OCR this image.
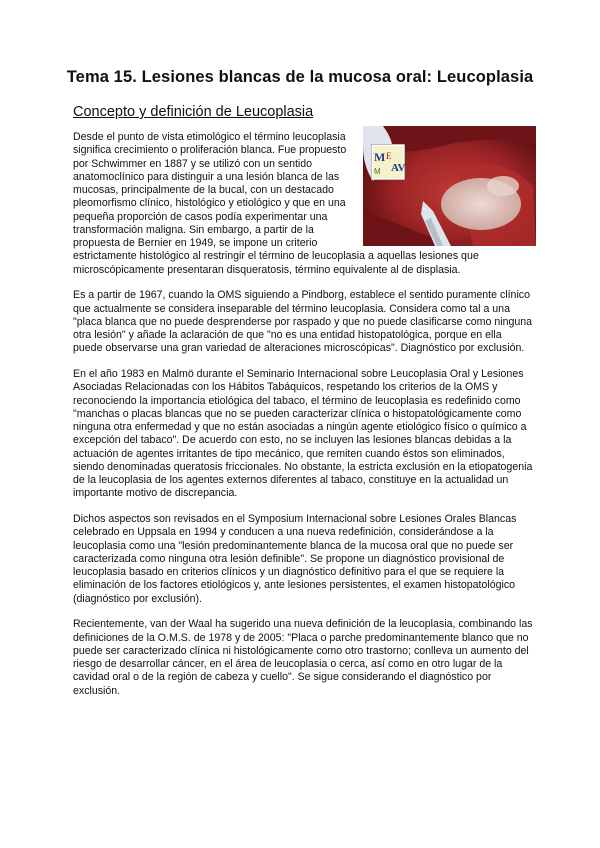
Tema 15. Lesiones blancas de la mucosa oral: Leucoplasia
Concepto y definición de Leucoplasia
M E
AV
M

Desde el punto de vista etimológico el término leucoplasia significa crecimiento o proliferación blanca. Fue propuesto por Schwimmer en 1887 y se utilizó con un sentido anatomoclínico para distinguir a una lesión blanca de las mucosas, principalmente de la bucal, con un destacado pleomorfismo clínico, histológico y etiológico y que en una pequeña proporción de casos podía experimentar una transformación maligna. Sin embargo, a partir de la propuesta de Bernier en 1949, se impone un criterio estrictamente histológico al restringir el término de leucoplasia a aquellas lesiones que microscópicamente presentaran disqueratosis, término equivalente al de displasia.

Es a partir de 1967, cuando la OMS siguiendo a Pindborg, establece el sentido puramente clínico que actualmente se considera inseparable del término leucoplasia. Considera como tal a una "placa blanca que no puede desprenderse por raspado y que no puede clasificarse como ninguna otra lesión" y añade la aclaración de que "no es una entidad histopatológica, porque en ella puede observarse una gran variedad de alteraciones microscópicas". Diagnóstico por exclusión.

En el año 1983 en Malmö durante el Seminario Internacional sobre Leucoplasia Oral y Lesiones Asociadas Relacionadas con los Hábitos Tabáquicos, respetando los criterios de la OMS y reconociendo la importancia etiológica del tabaco, el término de leucoplasia es redefinido como "manchas o placas blancas que no se pueden caracterizar clínica o histopatológicamente como ninguna otra enfermedad y que no están asociadas a ningún agente etiológico físico o químico a excepción del tabaco". De acuerdo con esto, no se incluyen las lesiones blancas debidas a la actuación de agentes irritantes de tipo mecánico, que remiten cuando éstos son eliminados, siendo denominadas queratosis friccionales. No obstante, la estricta exclusión en la etiopatogenia de la leucoplasia de los agentes externos diferentes al tabaco, constituye en la actualidad un importante motivo de discrepancia.

Dichos aspectos son revisados en el Symposium Internacional sobre Lesiones Orales Blancas celebrado en Uppsala en 1994 y conducen a una nueva redefinición, considerándose a la leucoplasia como una "lesión predominantemente blanca de la mucosa oral que no puede ser caracterizada como ninguna otra lesión definible". Se propone un diagnóstico provisional de leucoplasia basado en criterios clínicos y un diagnóstico definitivo para el que se requiere la eliminación de los factores etiológicos y, ante lesiones persistentes, el examen histopatológico (diagnóstico por exclusión).

Recientemente, van der Waal ha sugerido una nueva definición de la leucoplasia, combinando las definiciones de la O.M.S. de 1978 y de 2005: "Placa o parche predominantemente blanco que no puede ser caracterizado clínica ni histológicamente como otro trastorno; conlleva un aumento del riesgo de desarrollar cáncer, en el área de leucoplasia o cerca, así como en otro lugar de la cavidad oral o de la región de cabeza y cuello". Se sigue considerando el diagnóstico por exclusión.
